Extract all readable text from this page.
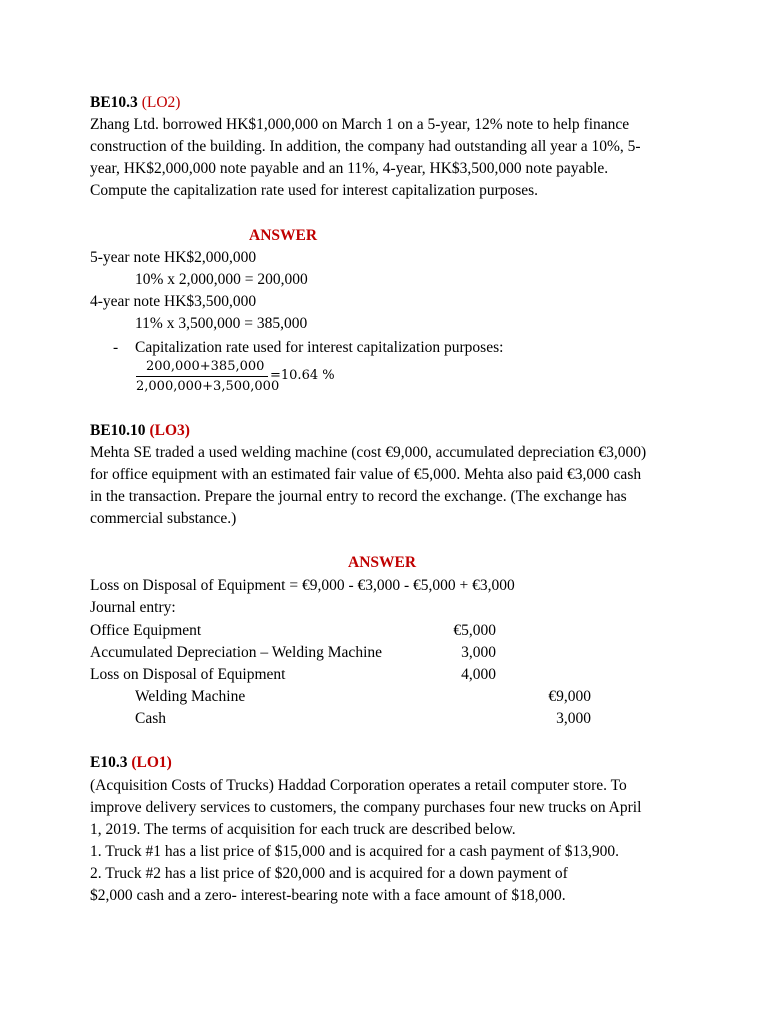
BE10.3 (LO2)
Zhang Ltd. borrowed HK$1,000,000 on March 1 on a 5-year, 12% note to help finance
construction of the building. In addition, the company had outstanding all year a 10%, 5-
year, HK$2,000,000 note payable and an 11%, 4-year, HK$3,500,000 note payable.
Compute the capitalization rate used for interest capitalization purposes.
ANSWER
5-year note HK$2,000,000
10% x 2,000,000 = 200,000
4-year note HK$3,500,000
11% x 3,500,000 = 385,000
- Capitalization rate used for interest capitalization purposes:
200,000+385,000
2,000,000+3,500,000
=10.64 %
BE10.10 (LO3)
Mehta SE traded a used welding machine (cost €9,000, accumulated depreciation €3,000)
for office equipment with an estimated fair value of €5,000. Mehta also paid €3,000 cash
in the transaction. Prepare the journal entry to record the exchange. (The exchange has
commercial substance.)
ANSWER
Loss on Disposal of Equipment = €9,000 - €3,000 - €5,000 + €3,000
Journal entry:
Office Equipment	€5,000
Accumulated Depreciation – Welding Machine	3,000
Loss on Disposal of Equipment	4,000
Welding Machine	€9,000
Cash	3,000
E10.3 (LO1)
(Acquisition Costs of Trucks) Haddad Corporation operates a retail computer store. To
improve delivery services to customers, the company purchases four new trucks on April
1, 2019. The terms of acquisition for each truck are described below.
1. Truck #1 has a list price of $15,000 and is acquired for a cash payment of $13,900.
2. Truck #2 has a list price of $20,000 and is acquired for a down payment of
$2,000 cash and a zero- interest-bearing note with a face amount of $18,000.
